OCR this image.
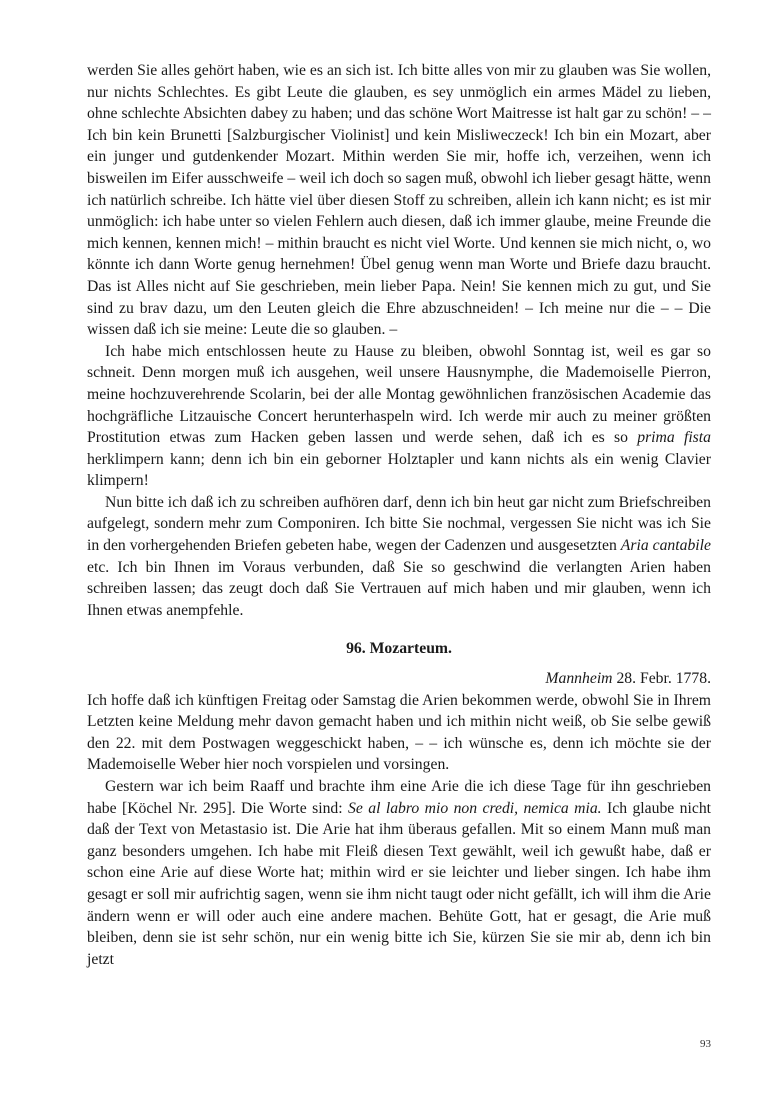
werden Sie alles gehört haben, wie es an sich ist. Ich bitte alles von mir zu glauben was Sie wollen, nur nichts Schlechtes. Es gibt Leute die glauben, es sey unmöglich ein armes Mädel zu lieben, ohne schlechte Absichten dabey zu haben; und das schöne Wort Maitresse ist halt gar zu schön! – – Ich bin kein Brunetti [Salzburgischer Violinist] und kein Misliweczeck! Ich bin ein Mozart, aber ein junger und gutdenkender Mozart. Mithin werden Sie mir, hoffe ich, verzeihen, wenn ich bisweilen im Eifer ausschweife – weil ich doch so sagen muß, obwohl ich lieber gesagt hätte, wenn ich natürlich schreibe. Ich hätte viel über diesen Stoff zu schreiben, allein ich kann nicht; es ist mir unmöglich: ich habe unter so vielen Fehlern auch diesen, daß ich immer glaube, meine Freunde die mich kennen, kennen mich! – mithin braucht es nicht viel Worte. Und kennen sie mich nicht, o, wo könnte ich dann Worte genug hernehmen! Übel genug wenn man Worte und Briefe dazu braucht. Das ist Alles nicht auf Sie geschrieben, mein lieber Papa. Nein! Sie kennen mich zu gut, und Sie sind zu brav dazu, um den Leuten gleich die Ehre abzuschneiden! – Ich meine nur die – – Die wissen daß ich sie meine: Leute die so glauben. –

Ich habe mich entschlossen heute zu Hause zu bleiben, obwohl Sonntag ist, weil es gar so schneit. Denn morgen muß ich ausgehen, weil unsere Hausnymphe, die Mademoiselle Pierron, meine hochzuverehrende Scolarin, bei der alle Montag gewöhnlichen französischen Academie das hochgräfliche Litzauische Concert herunterhaspeln wird. Ich werde mir auch zu meiner größten Prostitution etwas zum Hacken geben lassen und werde sehen, daß ich es so prima fista herklimpern kann; denn ich bin ein geborner Holztapler und kann nichts als ein wenig Clavier klimpern!

Nun bitte ich daß ich zu schreiben aufhören darf, denn ich bin heut gar nicht zum Briefschreiben aufgelegt, sondern mehr zum Componiren. Ich bitte Sie nochmal, vergessen Sie nicht was ich Sie in den vorhergehenden Briefen gebeten habe, wegen der Cadenzen und ausgesetzten Aria cantabile etc. Ich bin Ihnen im Voraus verbunden, daß Sie so geschwind die verlangten Arien haben schreiben lassen; das zeugt doch daß Sie Vertrauen auf mich haben und mir glauben, wenn ich Ihnen etwas anempfehle.

96. Mozarteum.

Mannheim 28. Febr. 1778.

Ich hoffe daß ich künftigen Freitag oder Samstag die Arien bekommen werde, obwohl Sie in Ihrem Letzten keine Meldung mehr davon gemacht haben und ich mithin nicht weiß, ob Sie selbe gewiß den 22. mit dem Postwagen weggeschickt haben, – – ich wünsche es, denn ich möchte sie der Mademoiselle Weber hier noch vorspielen und vorsingen.

Gestern war ich beim Raaff und brachte ihm eine Arie die ich diese Tage für ihn geschrieben habe [Köchel Nr. 295]. Die Worte sind: Se al labro mio non credi, nemica mia. Ich glaube nicht daß der Text von Metastasio ist. Die Arie hat ihm überaus gefallen. Mit so einem Mann muß man ganz besonders umgehen. Ich habe mit Fleiß diesen Text gewählt, weil ich gewußt habe, daß er schon eine Arie auf diese Worte hat; mithin wird er sie leichter und lieber singen. Ich habe ihm gesagt er soll mir aufrichtig sagen, wenn sie ihm nicht taugt oder nicht gefällt, ich will ihm die Arie ändern wenn er will oder auch eine andere machen. Behüte Gott, hat er gesagt, die Arie muß bleiben, denn sie ist sehr schön, nur ein wenig bitte ich Sie, kürzen Sie sie mir ab, denn ich bin jetzt

93
